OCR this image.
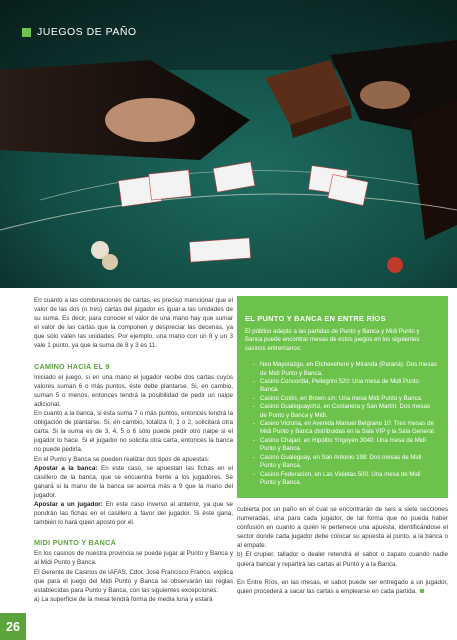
JUEGOS DE PAÑO

En cuanto a las combinaciones de cartas, es preciso mencionar que el valor de las dos (o tres) cartas del jugador es igual a las unidades de su suma. Es decir, para conocer el valor de una mano hay que sumar el valor de las cartas que la componen y despreciar las decenas, ya que sólo valen las unidades. Por ejemplo, una mano con un 8 y un 3 vale 1 punto, ya que la suma de 8 y 3 es 11.

CAMINO HACIA EL 9

Iniciado el juego, si en una mano el jugador recibe dos cartas cuyos valores suman 6 o más puntos, éste debe plantarse. Si, en cambio, suman 5 o menos, entonces tendrá la posibilidad de pedir un naipe adicional.

En cuanto a la banca, si ésta suma 7 o más puntos, entonces tendrá la obligación de plantarse. Si, en cambio, totaliza 0, 1 o 2, solicitará otra carta. Si la suma es de 3, 4, 5 o 6 sólo puede pedir otro naipe si el jugador lo hace. Si el jugador no solicita otra carta, entonces la banca no puede pedirla.

En el Punto y Banca se pueden realizar dos tipos de apuestas:

Apostar a la banca: En este caso, se apuestan las fichas en el casillero de la banca, que se encuentra frente a los jugadores. Se ganará si la mano de la banca se acerca más a 9 que la mano del jugador.

Apostar a un jugador: En este caso inverso al anterior, ya que se pondrán las fichas en el casillero a favor del jugador. Si éste gana, también lo hará quien apostó por él.

MIDI PUNTO Y BANCA

En los casinos de nuestra provincia se puede jugar al Punto y Banca y al Midi Punto y Banca.

El Gerente de Casinos de IAFAS, Cdor. José Francisco Franco, explica que para el juego del Midi Punto y Banca se observarán las reglas establecidas para Punto y Banca, con las siguientes excepciones:

a) La superficie de la mesa tendrá forma de media luna y estará

EL PUNTO Y BANCA EN ENTRE RÍOS

El público adepto a las partidas de Punto y Banca y Midi Punto y Banca puede encontrar mesas de estos juegos en los siguientes casinos entrerrianos:

- Neo Mayorazgo, en Etchevehere y Miranda (Paraná): Dos mesas de Midi Punto y Banca.
- Casino Concordia, Pellegrini 520: Una mesa de Midi Punto Banca.
- Casino Colón, en Brown s/n: Una mesa Midi Punto y Banca.
- Casino Gualeguaychú, en Costanera y San Martín: Dos mesas de Punto y Banca y Midi.
- Casino Victoria, en Avenida Manuel Belgrano 10: Tres mesas de Midi Punto y Banca distribuidas en la Sala VIP y la Sala General.
- Casino Chajarí, en Hipólito Yrigoyen 3040: Una mesa de Midi Punto y Banca.
- Casino Gualeguay, en San Antonio 198: Dos mesas de Midi Punto y Banca.
- Casino Federación, en Las Violetas 500: Una mesa de Midi Punto y Banca.

cubierta por un paño en el cual se encontrarán de seis a siete secciones numeradas, una para cada jugador, de tal forma que no pueda haber confusión en cuanto a quién le pertenece una apuesta, identificándose el sector donde cada jugador debe colocar su apuesta al punto, a la banca o al empate.

b) El crupier, tallador o dealer retendrá el sabot o zapato cuando nadie quiera bancar y repartirá las cartas al Punto y a la Banca.

En Entre Ríos, en las mesas, el sabot puede ser entregado a un jugador, quien procederá a sacar las cartas a emplearse en cada partida.

26
